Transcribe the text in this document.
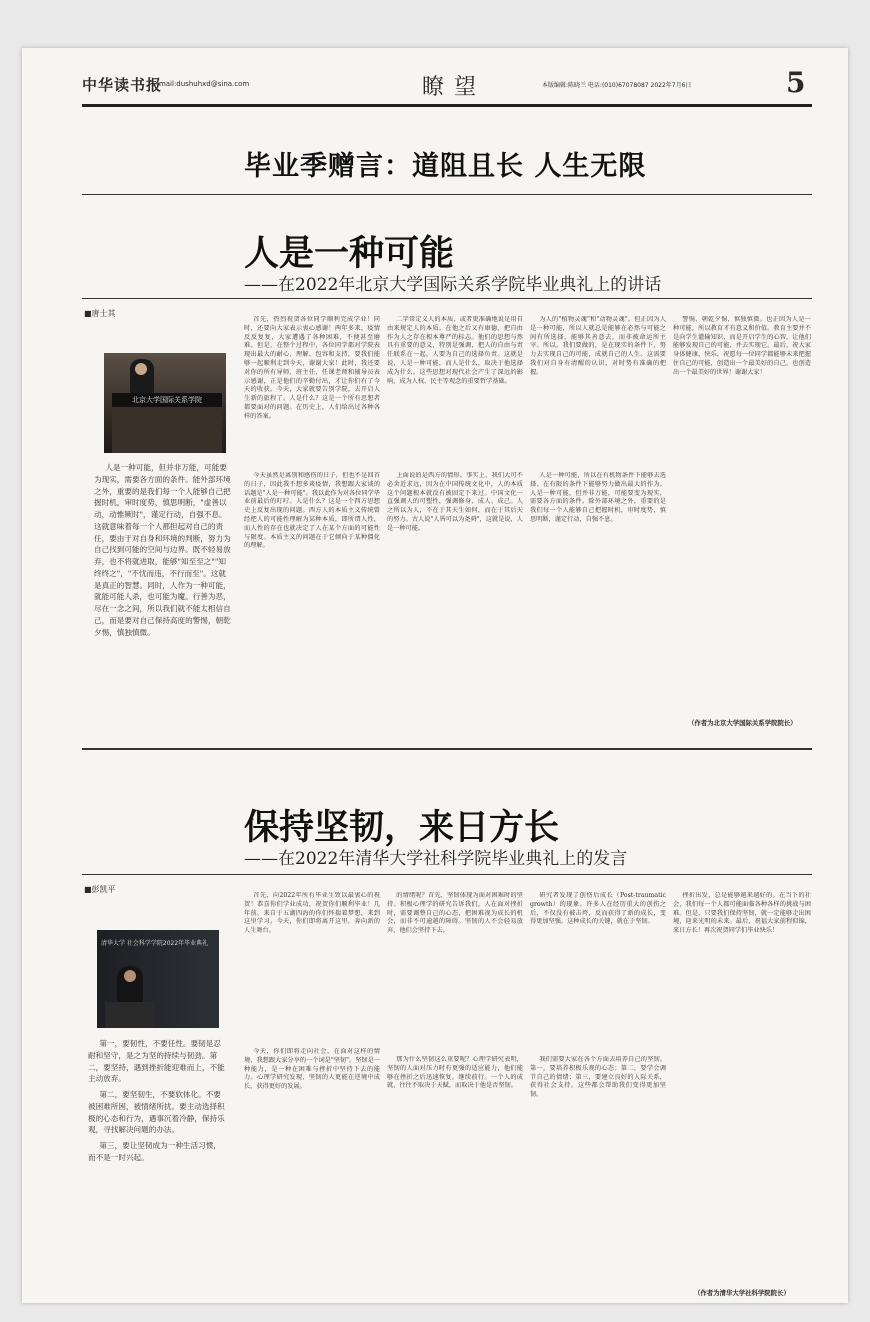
中华读书报
E-mail:dushuhxd@sina.com	瞭望	本版编辑:陈晓兰 电话:(010)67078087 2022年7月6日	5
毕业季赠言：道阻且长 人生无限
人是一种可能
——在2022年北京大学国际关系学院毕业典礼上的讲话
■唐士其
北京大学国际关系学院

人是一种可能，但并非万能，可能要为现实，需要各方面的条件。能外部环境之外，重要的是我们每一个人能够自己把握时机，审时度势，慎思明断，"虚善以动，动惟厥时"，谨定行动，自强不息。这就意味着每一个人都担起对自己的责任，要由于对自身和环境的判断，努力为自己找到可能的空间与边界。既不轻易放弃，也不将就进取，能够"知至至之""知终终之"，"不忧而违，不行而至"。这就是真正的智慧。同时，人作为一种可能，就能可能人杀，也可能为魔。行善为恶，尽在一念之间，所以我们就不能太相信自己，而是要对自己保持高度的警惕，朝乾夕惕，慎独慎微。

首先，热烈祝贺各位同学顺利完成学业！同时，还要向大家表示衷心感谢！两年多来，疫情反反复复，大家遭遇了各种困难，不便甚至磨难。但是，在整个过程中，各位同学都对学院表现出最大的耐心、理解、包容和支持，要我们能够一起顺利走到今天，谢谢大家！此时，我还要对你的所有导师、班主任、任课老师和辅导员表示感谢，正是他们的辛勤付出，才让你们有了今天的收获。今天，大家就要告别学院，去开启人生新的旅程了。人是什么？这是一个所有思想者都要面对的问题。在历史上，人们给出过各种各样的答案。

今天虽然是离别和感伤的日子，但也不是回首的日子，因此我不想多谈疫情，我想跟大家谈的话题是"人是一种可能"。我以此作为对各位同学毕业前最后的叮咛。人是什么？这是一个西方思想史上反复出现的问题。西方人的本质主义传统曾经把人的可能性理解为某种本质，即所谓人性，而人性的存在也就决定了人在某个方面的可能性与限度。本质主义的问题在于它倾向于某种僵化的理解。

二字常定义人的本质，或者更准确地说是用自由来规定人的本质。在他之后又有康德、把自由作为人之存在根本尊严的标志。他们的思想与然具有重要的意义，特别是强调，把人的自由与责任联系在一起，人要为自己的选择负责。这就是说，人是一种可能，而人是什么，取决于他选择成为什么。这些思想对现代社会产生了深远的影响，成为人权、民主等观念的重要哲学基础。

上面说的是西方的情形。事实上，我们大可不必舍近求远，因为在中国传统文化中，人的本质这个问题根本就没有被固定下来过。中国文化一直强调人的可塑性，强调修身、成人、成己。人之所以为人，不在于其天生如何，而在于其后天的努力。古人说"人皆可以为尧舜"，这就是说，人是一种可能。

为人的"植物灵魂"和"动物灵魂"。但正因为人是一种可能，所以人就总是能够在必然与可能之间有所选择，能够其善意去，而非被命运所主宰。所以，我们要做的，是在现实的条件下，努力去实现自己的可能，成就自己的人生。这需要我们对自身有清醒的认识，对时势有准确的把握。

人是一种可能，所以在有机物条件下能够去选择、在有限的条件下能够努力做出最大的作为。人是一种可能，但并非万能，可能要变为现实，需要各方面的条件。除外部环境之外，重要的是我们每一个人能够自己把握时机，审时度势，慎思明断，谨定行动，自强不息。

警惕，朝乾夕惕，慎独慎微。也正因为人是一种可能，所以教育才有意义和价值。教育主要并不是向学生灌输知识，而是开启学生的心智，让他们能够发现自己的可能，并去实现它。最后，祝大家身体健康，快乐，祝愿每一位同学都能够未来把握住自己的可能，创造出一个最美好的自己，也创造出一个最美好的世界！谢谢大家！

（作者为北京大学国际关系学院院长）
保持坚韧，来日方长
——在2022年清华大学社科学院毕业典礼上的发言
■彭凯平
清华大学 社会科学学院2022年毕业典礼

第一，要韧性，不要任性。要韧是忍耐和坚守，是之为坚的持续与韧劲。第二，要坚持，遇到挫折能迎难而上，不能主动放弃。

第二，要坚韧生，不要软体化。不要被困难所困，被情绪所扰。要主动选择积极的心态和行为，遇事沉着冷静，保持乐观，寻找解决问题的办法。

第三，要让坚韧成为一种生活习惯，而不是一时兴起。

首先，向2022年所有毕业生致以最衷心的祝贺！恭喜你们学业成功，祝贺你们顺利毕业！几年前，来自于五湖四海的你们怀揣着梦想，来到这里学习。今天，你们即将离开这里，奔向新的人生舞台。

今天，你们即将走向社会，在面对这样的情境，我想跟大家分享的一个词是"坚韧"。坚韧是一种能力，是一种在困难与挫折中坚持下去的能力。心理学研究发现，坚韧的人更能在逆境中成长，获得更好的发展。

的情绪呢？首先，坚韧体现为面对困难时的坚持。积极心理学的研究告诉我们，人在面对挫折时，需要调整自己的心态，把困难视为成长的机会，而非不可逾越的障碍。坚韧的人不会轻易放弃，他们会坚持下去。

那为什么坚韧这么重要呢？心理学研究表明，坚韧的人面对压力时有更强的适应能力，他们能够在挫折之后迅速恢复，继续前行。一个人的成就，往往不取决于天赋，而取决于他是否坚韧。

研究者发现了创伤后成长（Post-traumatic growth）的现象。许多人在经历重大的创伤之后，不仅没有被击垮，反而获得了新的成长，变得更加坚强。这种成长的关键，就在于坚韧。

我们需要大家在各个方面去培养自己的坚韧。第一，要培养积极乐观的心态；第二，要学会调节自己的情绪；第三，要建立良好的人际关系，获得社会支持。这些都会帮助我们变得更加坚韧。

挫折出发，总是能够越来越好的。在当下的社会，我们每一个人都可能面临各种各样的挑战与困难。但是，只要我们保持坚韧，就一定能够走出困境，迎来光明的未来。最后，祝福大家前程似锦，来日方长！再次祝贺同学们毕业快乐！

（作者为清华大学社科学院院长）
